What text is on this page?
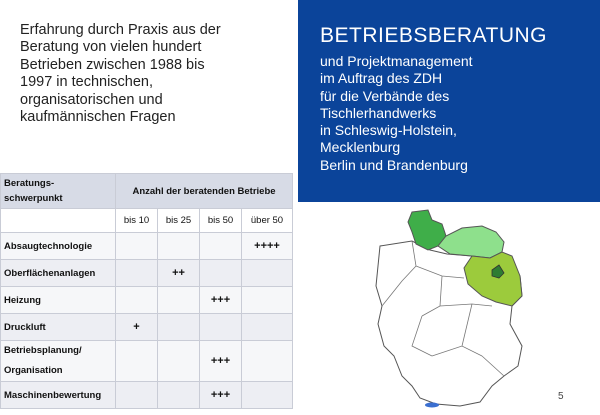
Erfahrung durch Praxis aus der
Beratung von vielen hundert
Betrieben zwischen 1988 bis
1997 in technischen,
organisatorischen und
kaufmännischen Fragen
BETRIEBSBERATUNG
und Projektmanagement
im Auftrag des ZDH
für die Verbände des
Tischlerhandwerks
in Schleswig-Holstein,
Mecklenburg
Berlin und Brandenburg
Beratungs-
schwerpunkt	Anzahl der beratenden Betriebe			
	bis 10	bis 25	bis 50	über 50
Absaugtechnologie				++++
Oberflächenanlagen		++		
Heizung			+++	
Druckluft	+			
Betriebsplanung/
Organisation			+++	
Maschinenbewertung			+++		5
